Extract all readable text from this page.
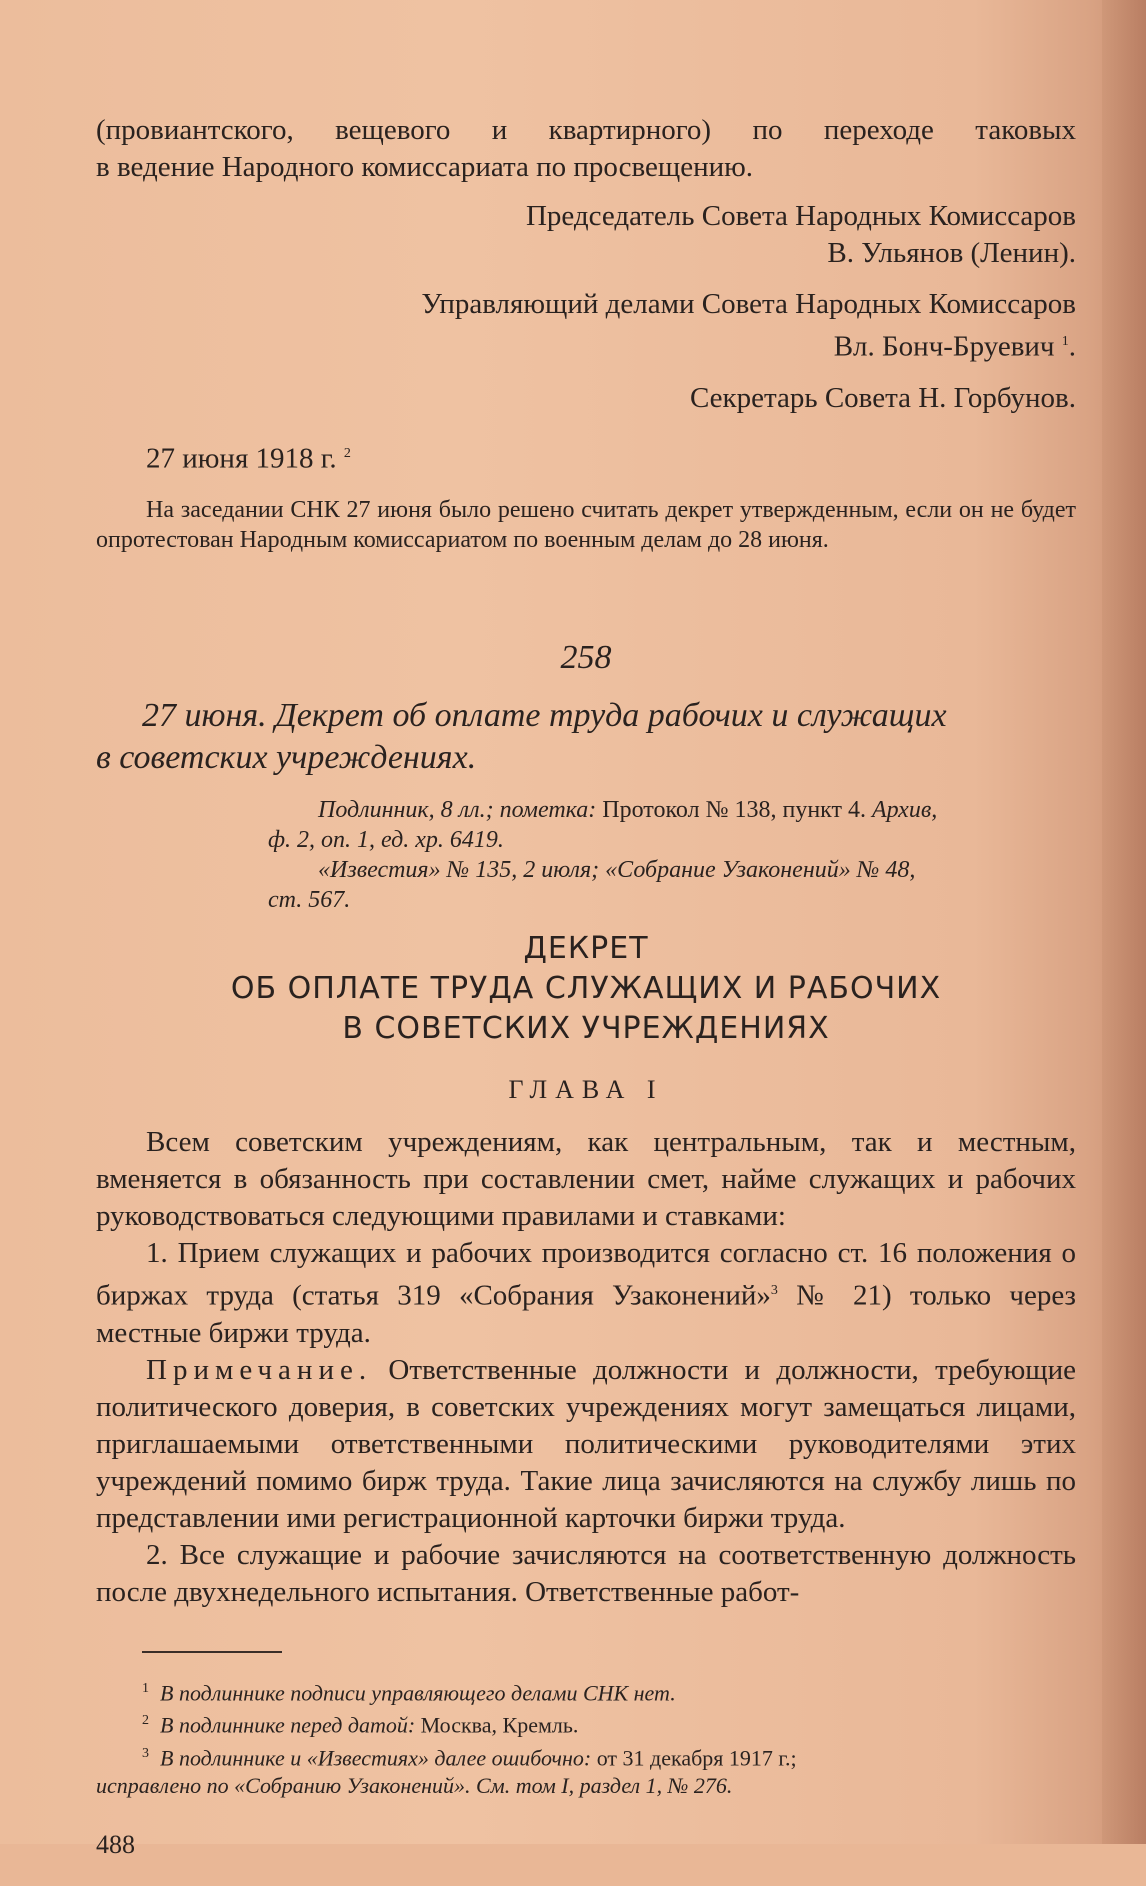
(провиантского, вещевого и квартирного) по переходе таковых

в ведение Народного комиссариата по просвещению.

Председатель Совета Народных Комиссаров

В. Ульянов (Ленин).

Управляющий делами Совета Народных Комиссаров

Вл. Бонч-Бруевич $^1$.

Секретарь Совета Н. Горбунов.

27 июня 1918 г. $^2$

На заседании СНК 27 июня было решено считать декрет утвержденным, если он не будет опротестован Народным комиссариатом по военным делам до 28 июня.

258

27 июня. Декрет об оплате труда рабочих и служащих

в советских учреждениях.

Подлинник, 8 лл.; пометка: Протокол № 138, пункт 4. Архив,

ф. 2, оп. 1, ед. хр. 6419.

«Известия» № 135, 2 июля; «Собрание Узаконений» № 48,

ст. 567.

ДЕКРЕТ

ОБ ОПЛАТЕ ТРУДА СЛУЖАЩИХ И РАБОЧИХ

В СОВЕТСКИХ УЧРЕЖДЕНИЯХ

ГЛАВА I

Всем советским учреждениям, как центральным, так и местным, вменяется в обязанность при составлении смет, найме служащих и рабочих руководствоваться следующими правилами и ставками:

1. Прием служащих и рабочих производится согласно ст. 16 положения о биржах труда (статья 319 «Собрания Узаконений»$^3$ № 21) только через местные биржи труда.

Примечание. Ответственные должности и должности, требующие политического доверия, в советских учреждениях могут замещаться лицами, приглашаемыми ответственными политическими руководителями этих учреждений помимо бирж труда. Такие лица зачисляются на службу лишь по представлении ими регистрационной карточки биржи труда.

2. Все служащие и рабочие зачисляются на соответственную должность после двухнедельного испытания. Ответственные работ-

$^1$ В подлиннике подписи управляющего делами СНК нет.

$^2$ В подлиннике перед датой: Москва, Кремль.

$^3$ В подлиннике и «Известиях» далее ошибочно: от 31 декабря 1917 г.;

исправлено по «Собранию Узаконений». См. том I, раздел 1, № 276.

488
